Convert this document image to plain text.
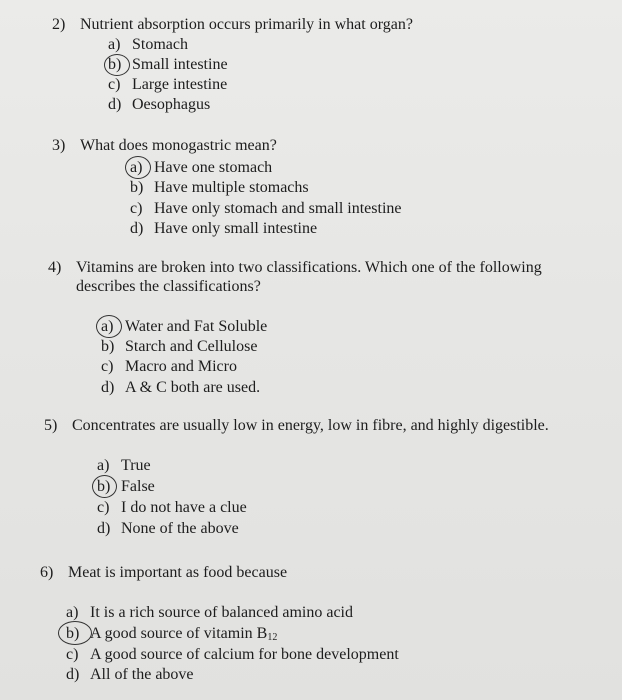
2) Nutrient absorption occurs primarily in what organ?
a) Stomach
b) Small intestine
c) Large intestine
d) Oesophagus
3) What does monogastric mean?
a) Have one stomach
b) Have multiple stomachs
c) Have only stomach and small intestine
d) Have only small intestine
4) Vitamins are broken into two classifications. Which one of the following
describes the classifications?
a) Water and Fat Soluble
b) Starch and Cellulose
c) Macro and Micro
d) A & C both are used.
5) Concentrates are usually low in energy, low in fibre, and highly digestible.
a) True
b) False
c) I do not have a clue
d) None of the above
6) Meat is important as food because
a) It is a rich source of balanced amino acid
b) A good source of vitamin $B_{12}$
c) A good source of calcium for bone development
d) All of the above
